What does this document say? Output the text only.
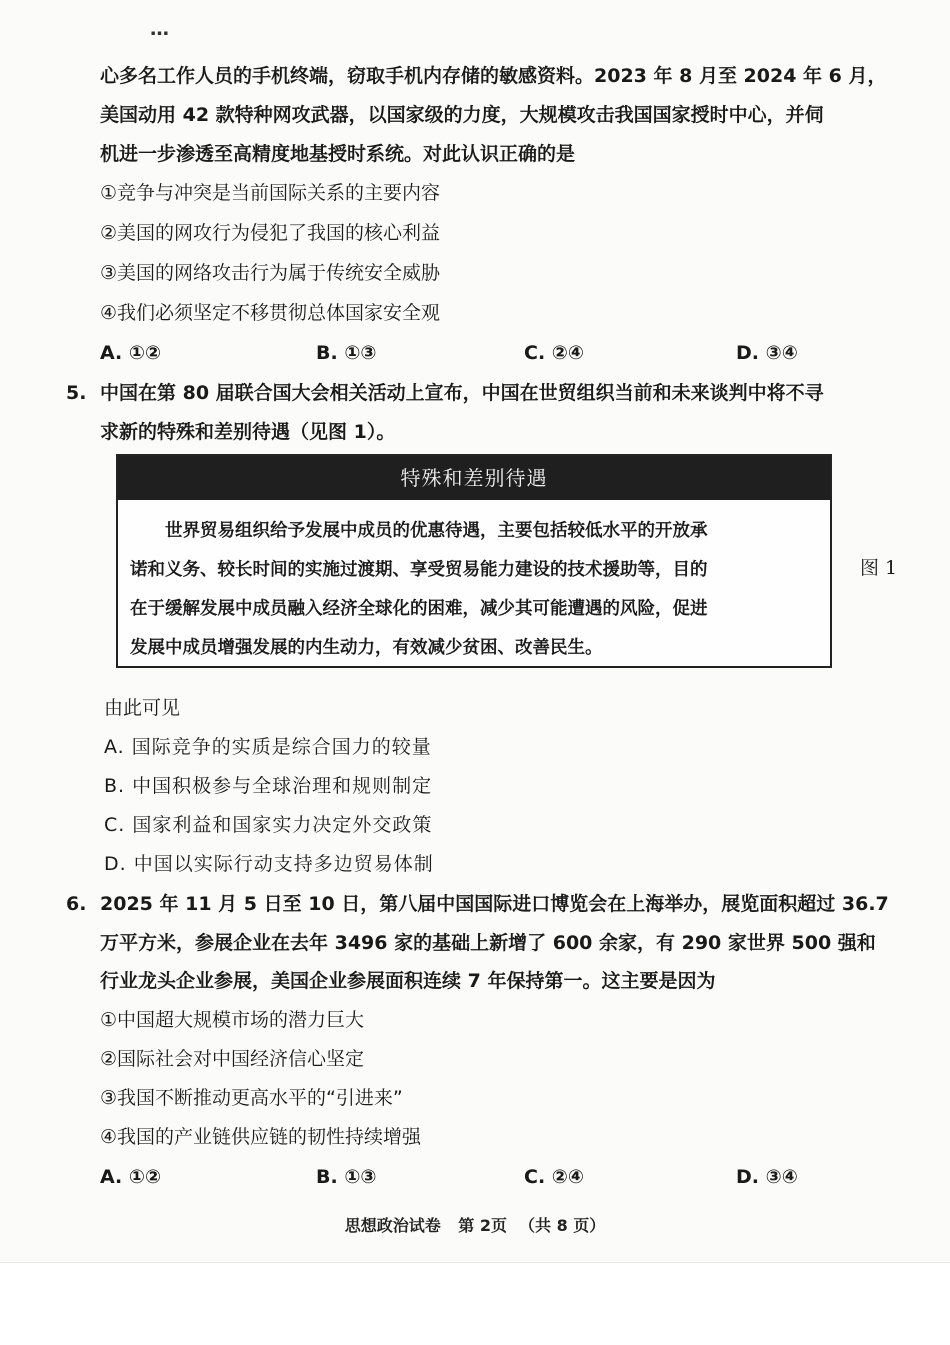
…
心多名工作人员的手机终端，窃取手机内存储的敏感资料。2023 年 8 月至 2024 年 6 月，
美国动用 42 款特种网攻武器，以国家级的力度，大规模攻击我国国家授时中心，并伺
机进一步渗透至高精度地基授时系统。对此认识正确的是
①竞争与冲突是当前国际关系的主要内容
②美国的网攻行为侵犯了我国的核心利益
③美国的网络攻击行为属于传统安全威胁
④我们必须坚定不移贯彻总体国家安全观
A. ①②	B. ①③	C. ②④	D. ③④
5. 中国在第 80 届联合国大会相关活动上宣布，中国在世贸组织当前和未来谈判中将不寻
求新的特殊和差别待遇（见图 1）。
特殊和差别待遇
　　世界贸易组织给予发展中成员的优惠待遇，主要包括较低水平的开放承
诺和义务、较长时间的实施过渡期、享受贸易能力建设的技术援助等，目的
在于缓解发展中成员融入经济全球化的困难，减少其可能遭遇的风险，促进
发展中成员增强发展的内生动力，有效减少贫困、改善民生。
图 1
由此可见
A. 国际竞争的实质是综合国力的较量
B. 中国积极参与全球治理和规则制定
C. 国家利益和国家实力决定外交政策
D. 中国以实际行动支持多边贸易体制
6. 2025 年 11 月 5 日至 10 日，第八届中国国际进口博览会在上海举办，展览面积超过 36.7
万平方米，参展企业在去年 3496 家的基础上新增了 600 余家，有 290 家世界 500 强和
行业龙头企业参展，美国企业参展面积连续 7 年保持第一。这主要是因为
①中国超大规模市场的潜力巨大
②国际社会对中国经济信心坚定
③我国不断推动更高水平的“引进来”
④我国的产业链供应链的韧性持续增强
A. ①②	B. ①③	C. ②④	D. ③④
思想政治试卷 第 2页 （共 8 页）
